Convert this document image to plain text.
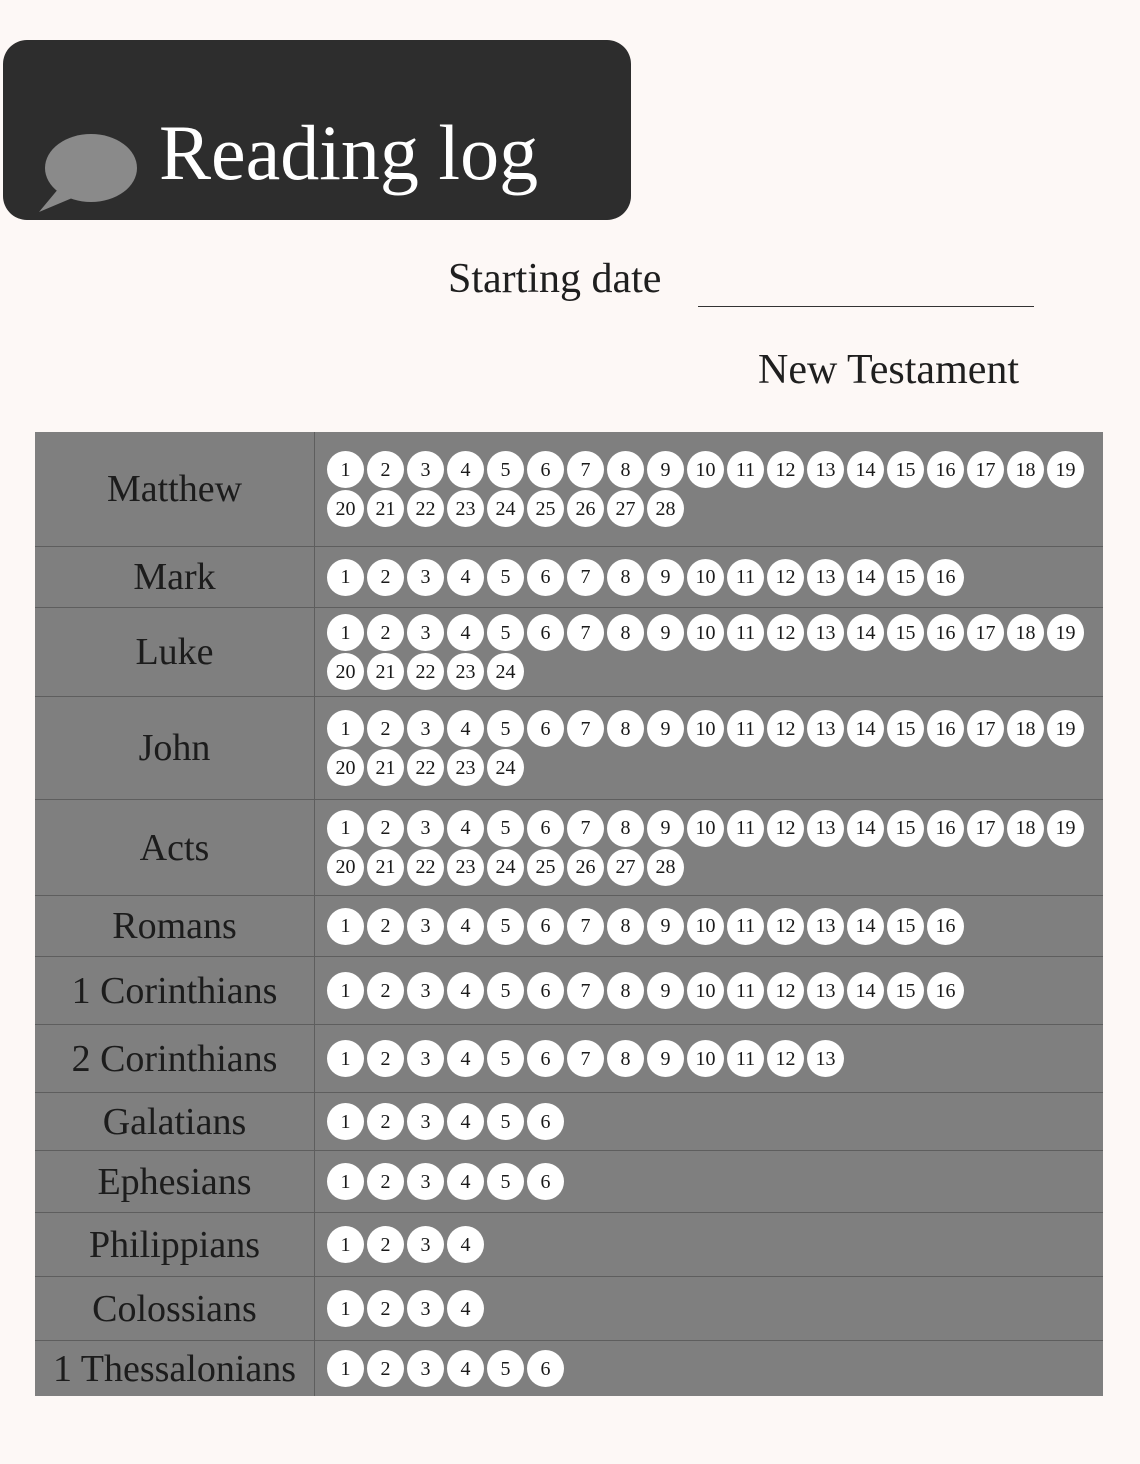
Reading log
Starting date
New Testament
Matthew	1	2	3	4	5	6	7	8	9	10	11	12	13	14	15	16	17	18	19
20	21	22	23	24	25	26	27	28
Mark	1	2	3	4	5	6	7	8	9	10	11	12	13	14	15	16
Luke	1	2	3	4	5	6	7	8	9	10	11	12	13	14	15	16	17	18	19
20	21	22	23	24
John	1	2	3	4	5	6	7	8	9	10	11	12	13	14	15	16	17	18	19
20	21	22	23	24
Acts	1	2	3	4	5	6	7	8	9	10	11	12	13	14	15	16	17	18	19
20	21	22	23	24	25	26	27	28
Romans	1	2	3	4	5	6	7	8	9	10	11	12	13	14	15	16
1 Corinthians	1	2	3	4	5	6	7	8	9	10	11	12	13	14	15	16
2 Corinthians	1	2	3	4	5	6	7	8	9	10	11	12	13
Galatians	1	2	3	4	5	6
Ephesians	1	2	3	4	5	6
Philippians	1	2	3	4
Colossians	1	2	3	4
1 Thessalonians	1	2	3	4	5	6
